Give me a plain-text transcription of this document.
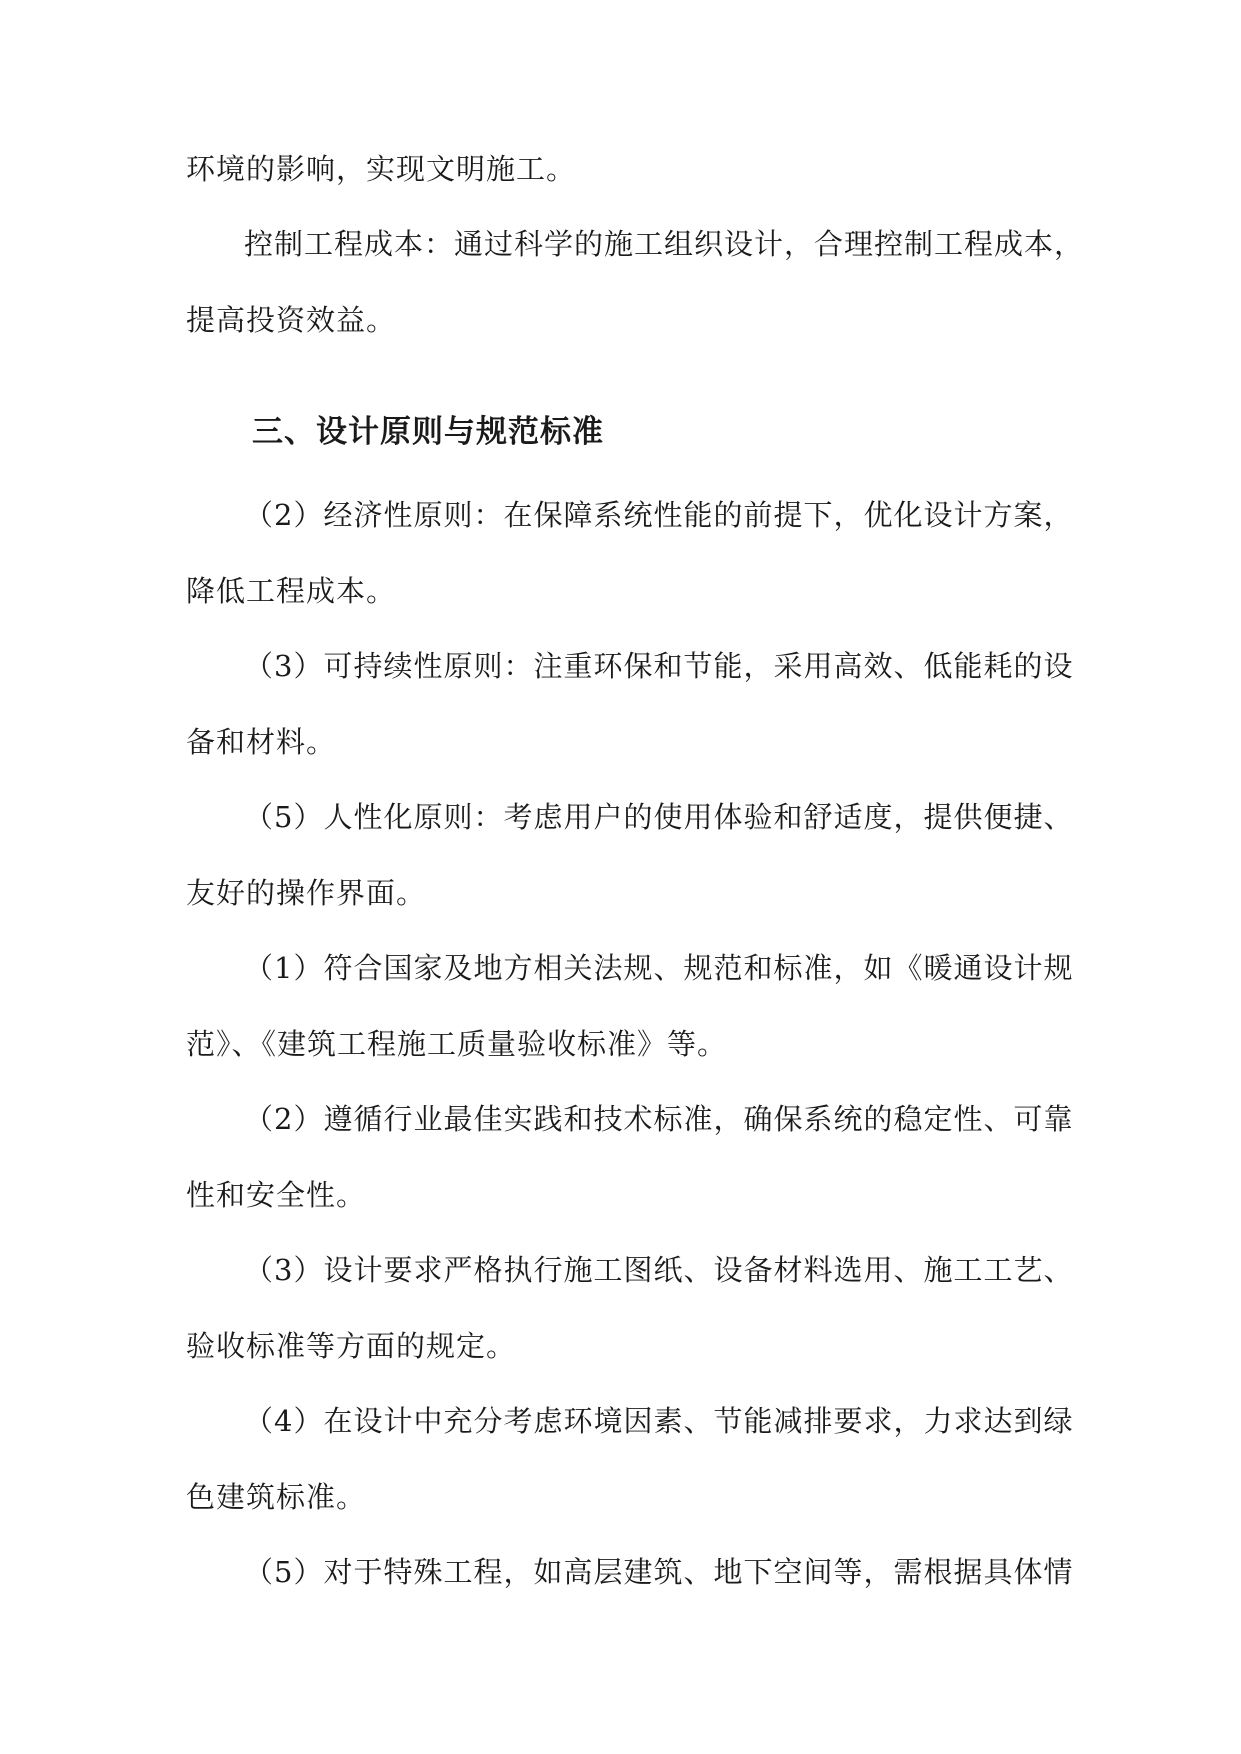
环境的影响，实现文明施工。
控制工程成本：通过科学的施工组织设计，合理控制工程成本，
提高投资效益。
三、设计原则与规范标准
（2）经济性原则：在保障系统性能的前提下，优化设计方案，
降低工程成本。
（3）可持续性原则：注重环保和节能，采用高效、低能耗的设
备和材料。
（5）人性化原则：考虑用户的使用体验和舒适度，提供便捷、
友好的操作界面。
（1）符合国家及地方相关法规、规范和标准，如《暖通设计规
范》、《建筑工程施工质量验收标准》等。
（2）遵循行业最佳实践和技术标准，确保系统的稳定性、可靠
性和安全性。
（3）设计要求严格执行施工图纸、设备材料选用、施工工艺、
验收标准等方面的规定。
（4）在设计中充分考虑环境因素、节能减排要求，力求达到绿
色建筑标准。
（5）对于特殊工程，如高层建筑、地下空间等，需根据具体情
